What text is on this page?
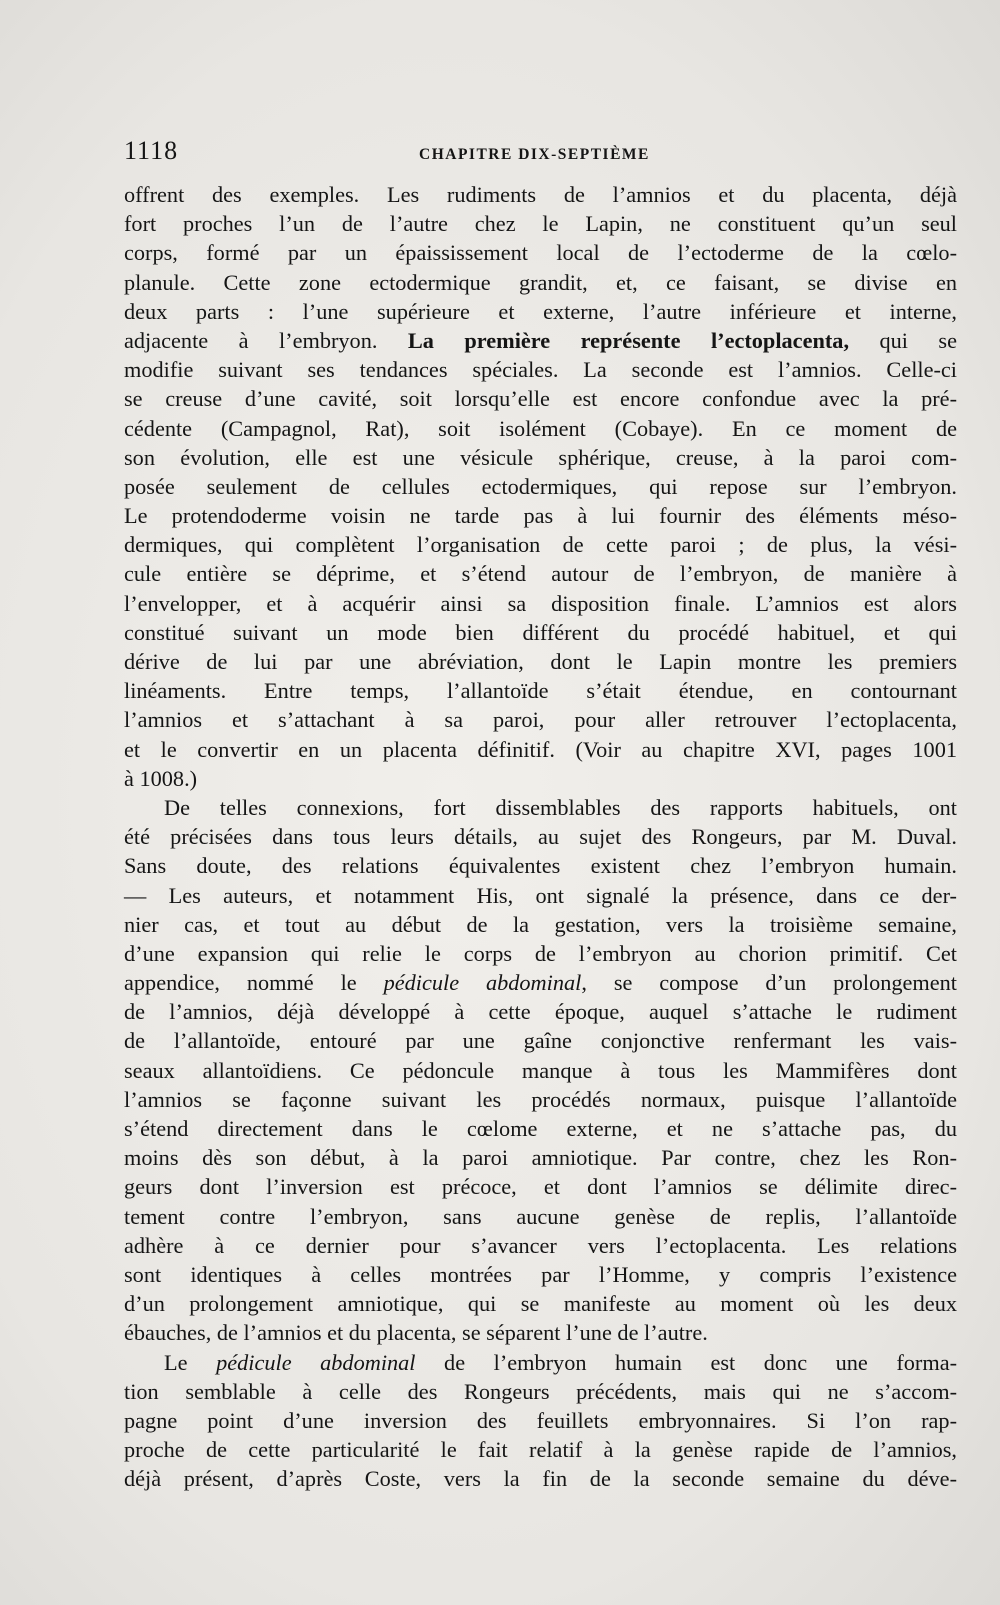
1118	CHAPITRE DIX-SEPTIÈME
offrent des exemples. Les rudiments de l’amnios et du placenta, déjà
fort proches l’un de l’autre chez le Lapin, ne constituent qu’un seul
corps, formé par un épaississement local de l’ectoderme de la cœlo-
planule. Cette zone ectodermique grandit, et, ce faisant, se divise en
deux parts : l’une supérieure et externe, l’autre inférieure et interne,
adjacente à l’embryon. La première représente l’ectoplacenta, qui se
modifie suivant ses tendances spéciales. La seconde est l’amnios. Celle-ci
se creuse d’une cavité, soit lorsqu’elle est encore confondue avec la pré-
cédente (Campagnol, Rat), soit isolément (Cobaye). En ce moment de
son évolution, elle est une vésicule sphérique, creuse, à la paroi com-
posée seulement de cellules ectodermiques, qui repose sur l’embryon.
Le protendoderme voisin ne tarde pas à lui fournir des éléments méso-
dermiques, qui complètent l’organisation de cette paroi ; de plus, la vési-
cule entière se déprime, et s’étend autour de l’embryon, de manière à
l’envelopper, et à acquérir ainsi sa disposition finale. L’amnios est alors
constitué suivant un mode bien différent du procédé habituel, et qui
dérive de lui par une abréviation, dont le Lapin montre les premiers
linéaments. Entre temps, l’allantoïde s’était étendue, en contournant
l’amnios et s’attachant à sa paroi, pour aller retrouver l’ectoplacenta,
et le convertir en un placenta définitif. (Voir au chapitre XVI, pages 1001
à 1008.)
De telles connexions, fort dissemblables des rapports habituels, ont
été précisées dans tous leurs détails, au sujet des Rongeurs, par M. Duval.
Sans doute, des relations équivalentes existent chez l’embryon humain.
— Les auteurs, et notamment His, ont signalé la présence, dans ce der-
nier cas, et tout au début de la gestation, vers la troisième semaine,
d’une expansion qui relie le corps de l’embryon au chorion primitif. Cet
appendice, nommé le pédicule abdominal, se compose d’un prolongement
de l’amnios, déjà développé à cette époque, auquel s’attache le rudiment
de l’allantoïde, entouré par une gaîne conjonctive renfermant les vais-
seaux allantoïdiens. Ce pédoncule manque à tous les Mammifères dont
l’amnios se façonne suivant les procédés normaux, puisque l’allantoïde
s’étend directement dans le cœlome externe, et ne s’attache pas, du
moins dès son début, à la paroi amniotique. Par contre, chez les Ron-
geurs dont l’inversion est précoce, et dont l’amnios se délimite direc-
tement contre l’embryon, sans aucune genèse de replis, l’allantoïde
adhère à ce dernier pour s’avancer vers l’ectoplacenta. Les relations
sont identiques à celles montrées par l’Homme, y compris l’existence
d’un prolongement amniotique, qui se manifeste au moment où les deux
ébauches, de l’amnios et du placenta, se séparent l’une de l’autre.
Le pédicule abdominal de l’embryon humain est donc une forma-
tion semblable à celle des Rongeurs précédents, mais qui ne s’accom-
pagne point d’une inversion des feuillets embryonnaires. Si l’on rap-
proche de cette particularité le fait relatif à la genèse rapide de l’amnios,
déjà présent, d’après Coste, vers la fin de la seconde semaine du déve-
